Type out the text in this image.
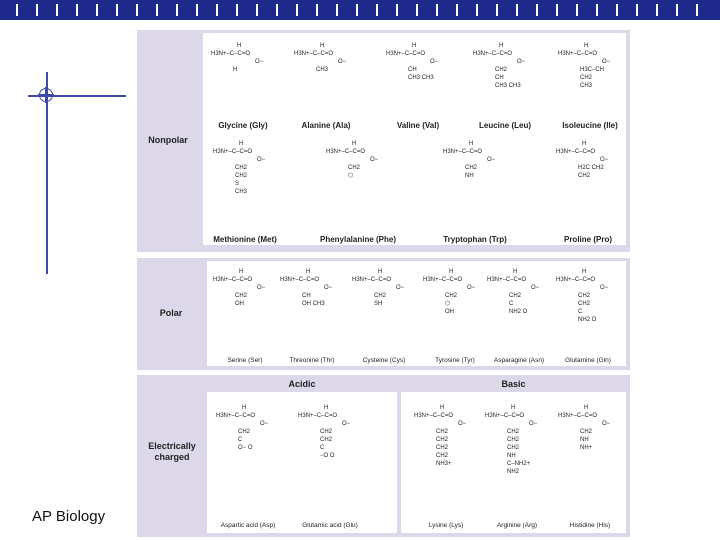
AP Biology
Nonpolar
Polar
Acidic	Basic
Electrically charged
H
H3N+–C–C=O
O−
H
Glycine (Gly)
H
H3N+–C–C=O
O−
CH3
Alanine (Ala)
H
H3N+–C–C=O
O−
CH
CH3 CH3
Valine (Val)
H
H3N+–C–C=O
O−
CH2
CH
CH3 CH3
Leucine (Leu)
H
H3N+–C–C=O
O−
H3C–CH
CH2
CH3
Isoleucine (Ile)
H
H3N+–C–C=O
O−
CH2
CH2
S
CH3
Methionine (Met)
H
H3N+–C–C=O
O−
CH2
⬡
Phenylalanine (Phe)
H
H3N+–C–C=O
O−
CH2
NH
Tryptophan (Trp)
H
H3N+–C–C=O
O−
H2C CH2
CH2
Proline (Pro)
H
H3N+–C–C=O
O−
CH2
OH
Serine (Ser)
H
H3N+–C–C=O
O−
CH
OH CH3
Threonine (Thr)
H
H3N+–C–C=O
O−
CH2
SH
Cysteine (Cys)
H
H3N+–C–C=O
O−
CH2
⬡
OH
Tyrosine (Tyr)
H
H3N+–C–C=O
O−
CH2
C
NH2 O
Asparagine (Asn)
H
H3N+–C–C=O
O−
CH2
CH2
C
NH2 O
Glutamine (Gln)
H
H3N+–C–C=O
O−
CH2
C
O− O
Aspartic acid (Asp)
H
H3N+–C–C=O
O−
CH2
CH2
C
−O O
Glutamic acid (Glu)
H
H3N+–C–C=O
O−
CH2
CH2
CH2
CH2
NH3+
Lysine (Lys)
H
H3N+–C–C=O
O−
CH2
CH2
CH2
NH
C–NH2+
NH2
Arginine (Arg)
H
H3N+–C–C=O
O−
CH2
NH
NH+
Histidine (His)
